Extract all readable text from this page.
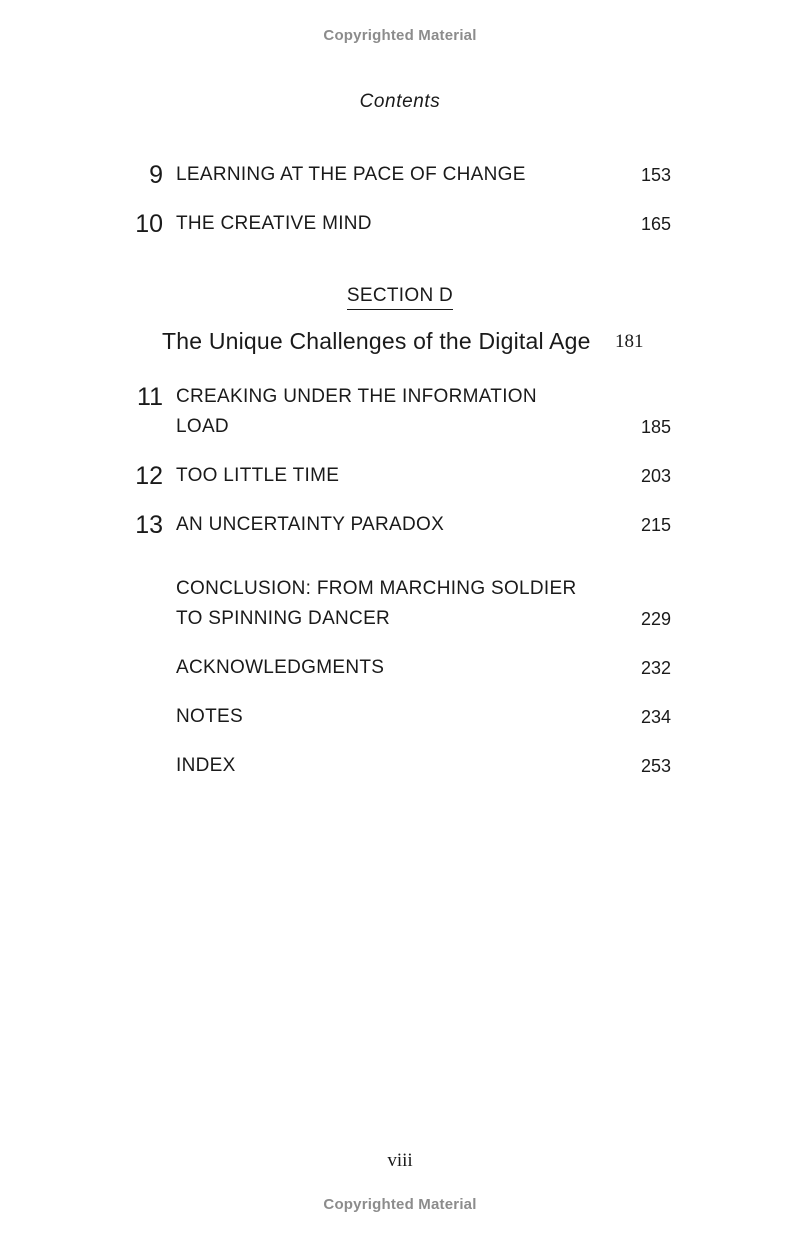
Copyrighted Material
Contents
9 LEARNING AT THE PACE OF CHANGE	153
10 THE CREATIVE MIND	165
SECTION D
The Unique Challenges of the Digital Age 181
11 CREAKING UNDER THE INFORMATION
LOAD	185
12 TOO LITTLE TIME	203
13 AN UNCERTAINTY PARADOX	215
CONCLUSION: FROM MARCHING SOLDIER
TO SPINNING DANCER	229
ACKNOWLEDGMENTS	232
NOTES	234
INDEX	253
viii
Copyrighted Material
